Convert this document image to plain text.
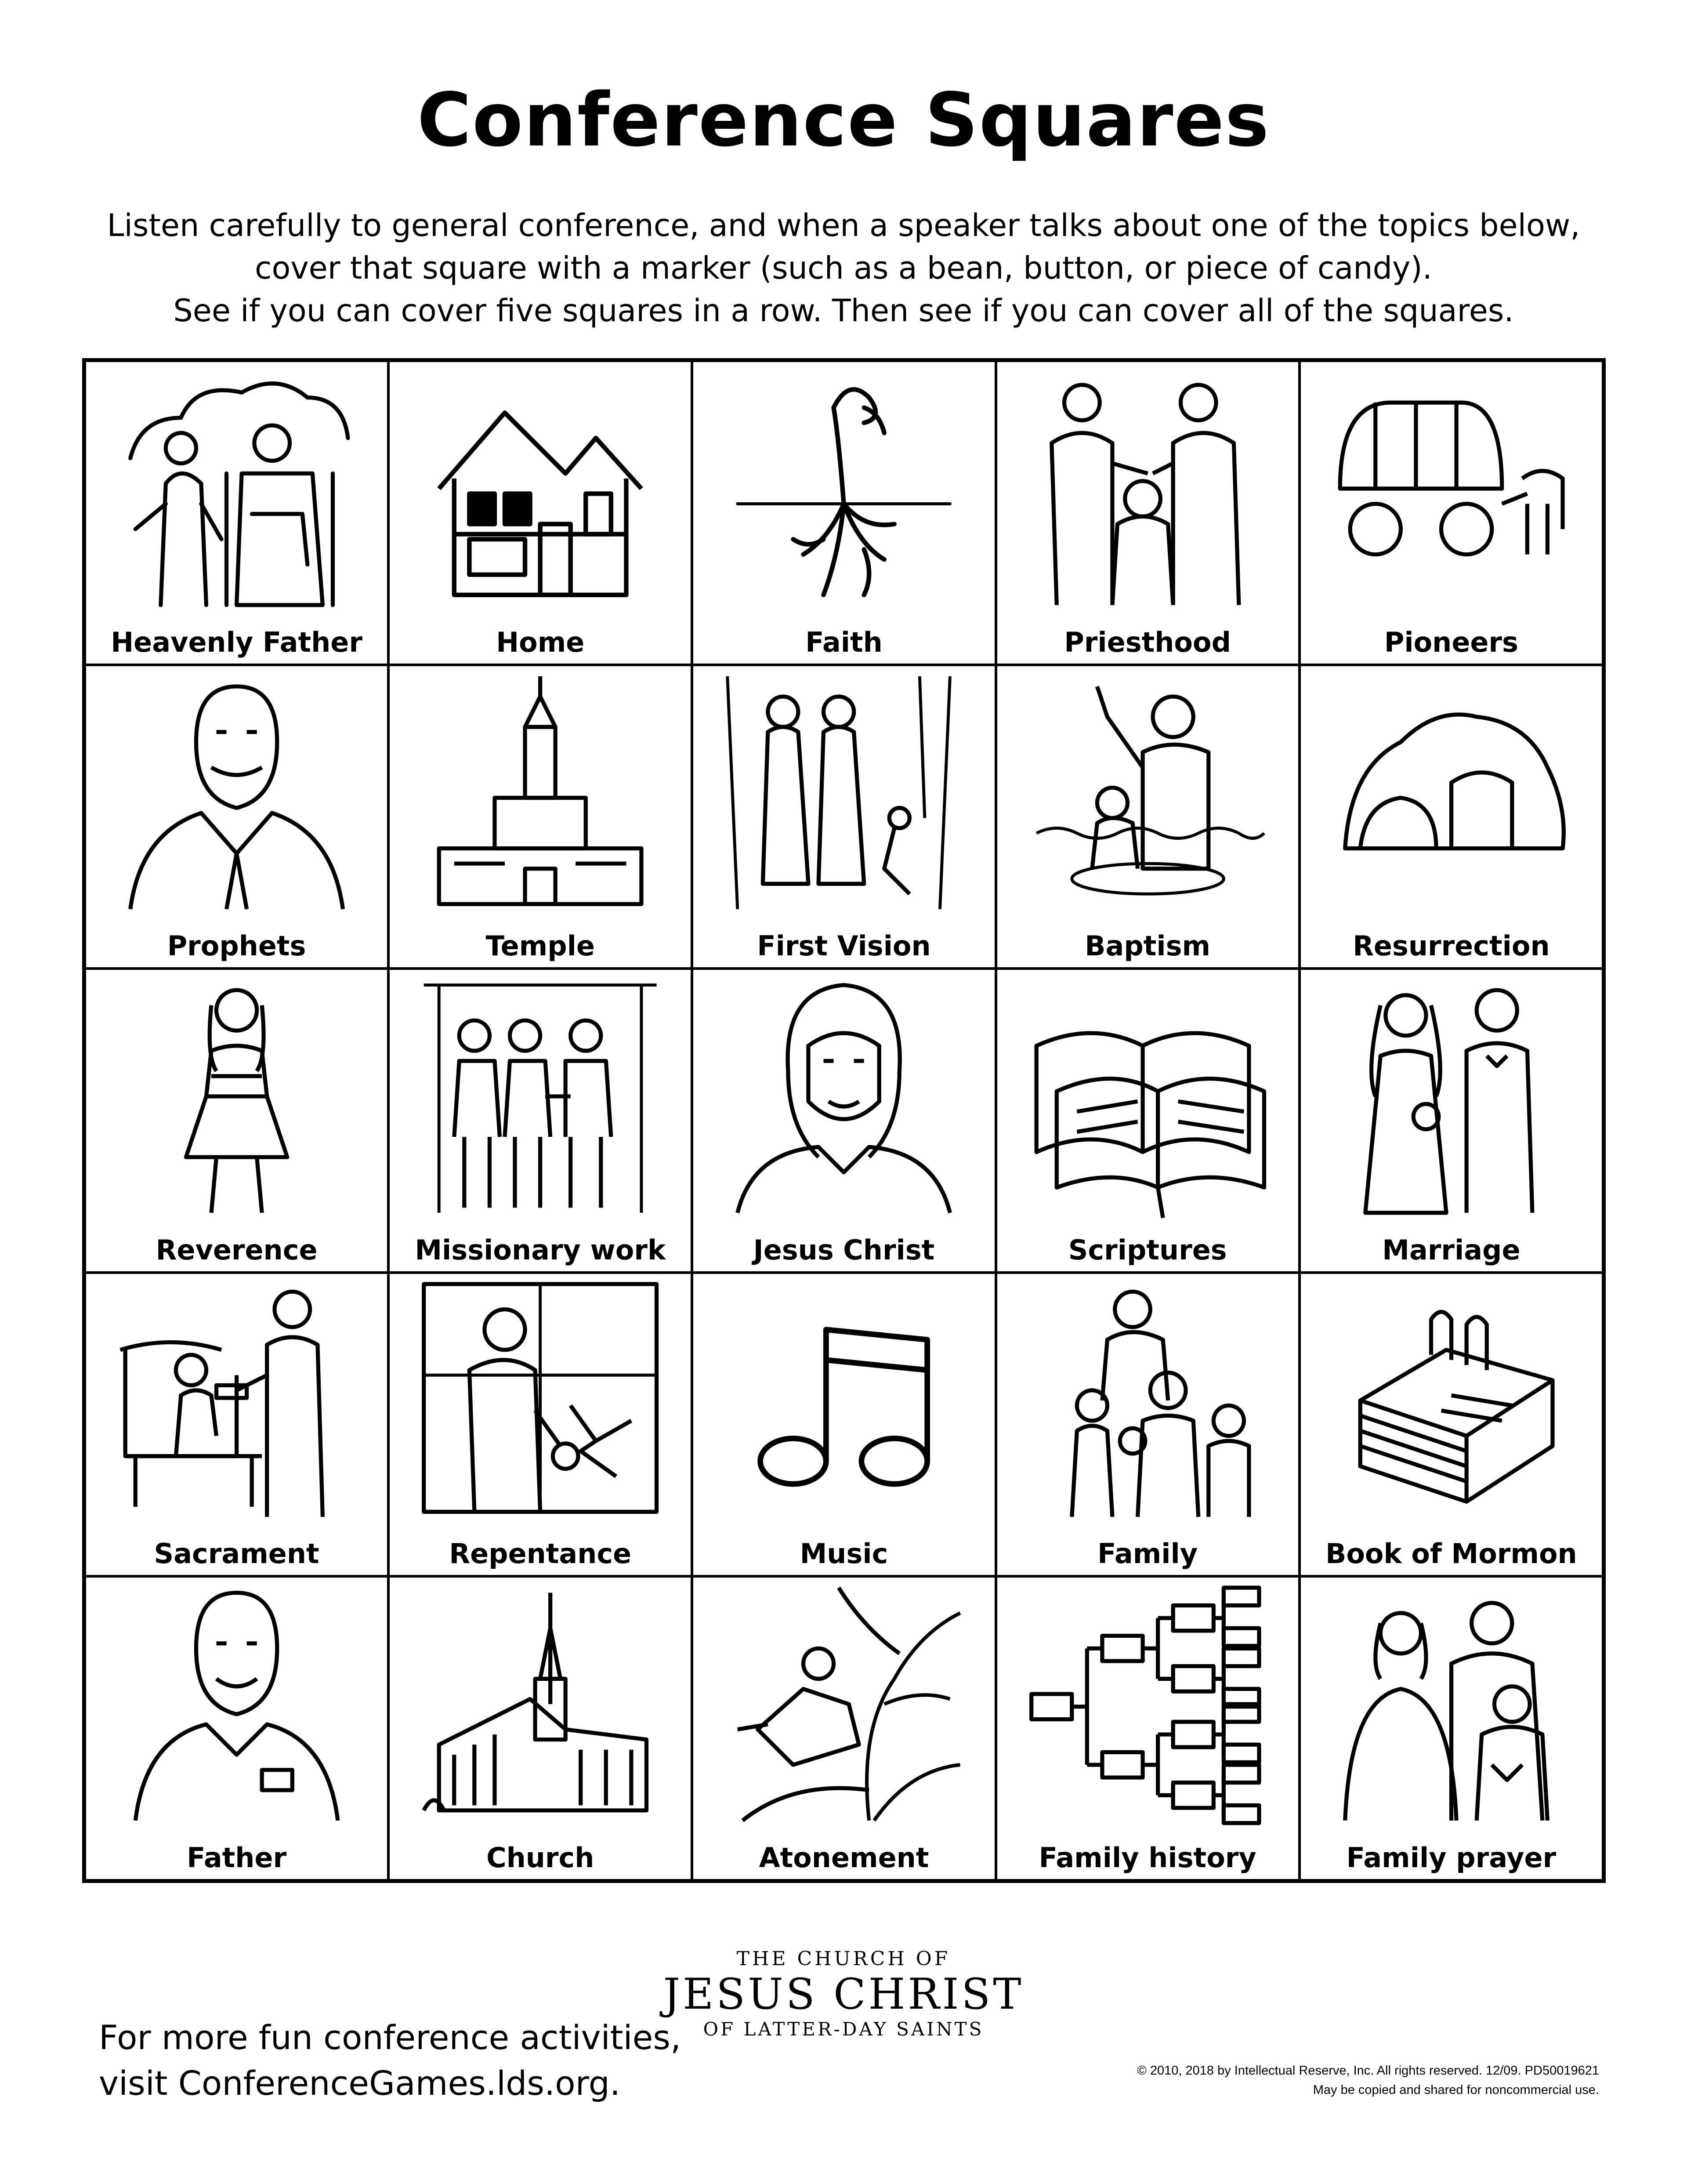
Conference Squares
Listen carefully to general conference, and when a speaker talks about one of the topics below,
cover that square with a marker (such as a bean, button, or piece of candy).
See if you can cover five squares in a row. Then see if you can cover all of the squares.
Heavenly Father	Home	Faith	Priesthood	Pioneers
Prophets	Temple	First Vision	Baptism	Resurrection
Reverence	Missionary work	Jesus Christ	Scriptures	Marriage
Sacrament	Repentance	Music	Family	Book of Mormon
Father	Church	Atonement	Family history	Family prayer
THE CHURCH OF
JESUS CHRIST
OF LATTER-DAY SAINTS
For more fun conference activities,
visit ConferenceGames.lds.org.	© 2010, 2018 by Intellectual Reserve, Inc. All rights reserved. 12/09. PD50019621
May be copied and shared for noncommercial use.
